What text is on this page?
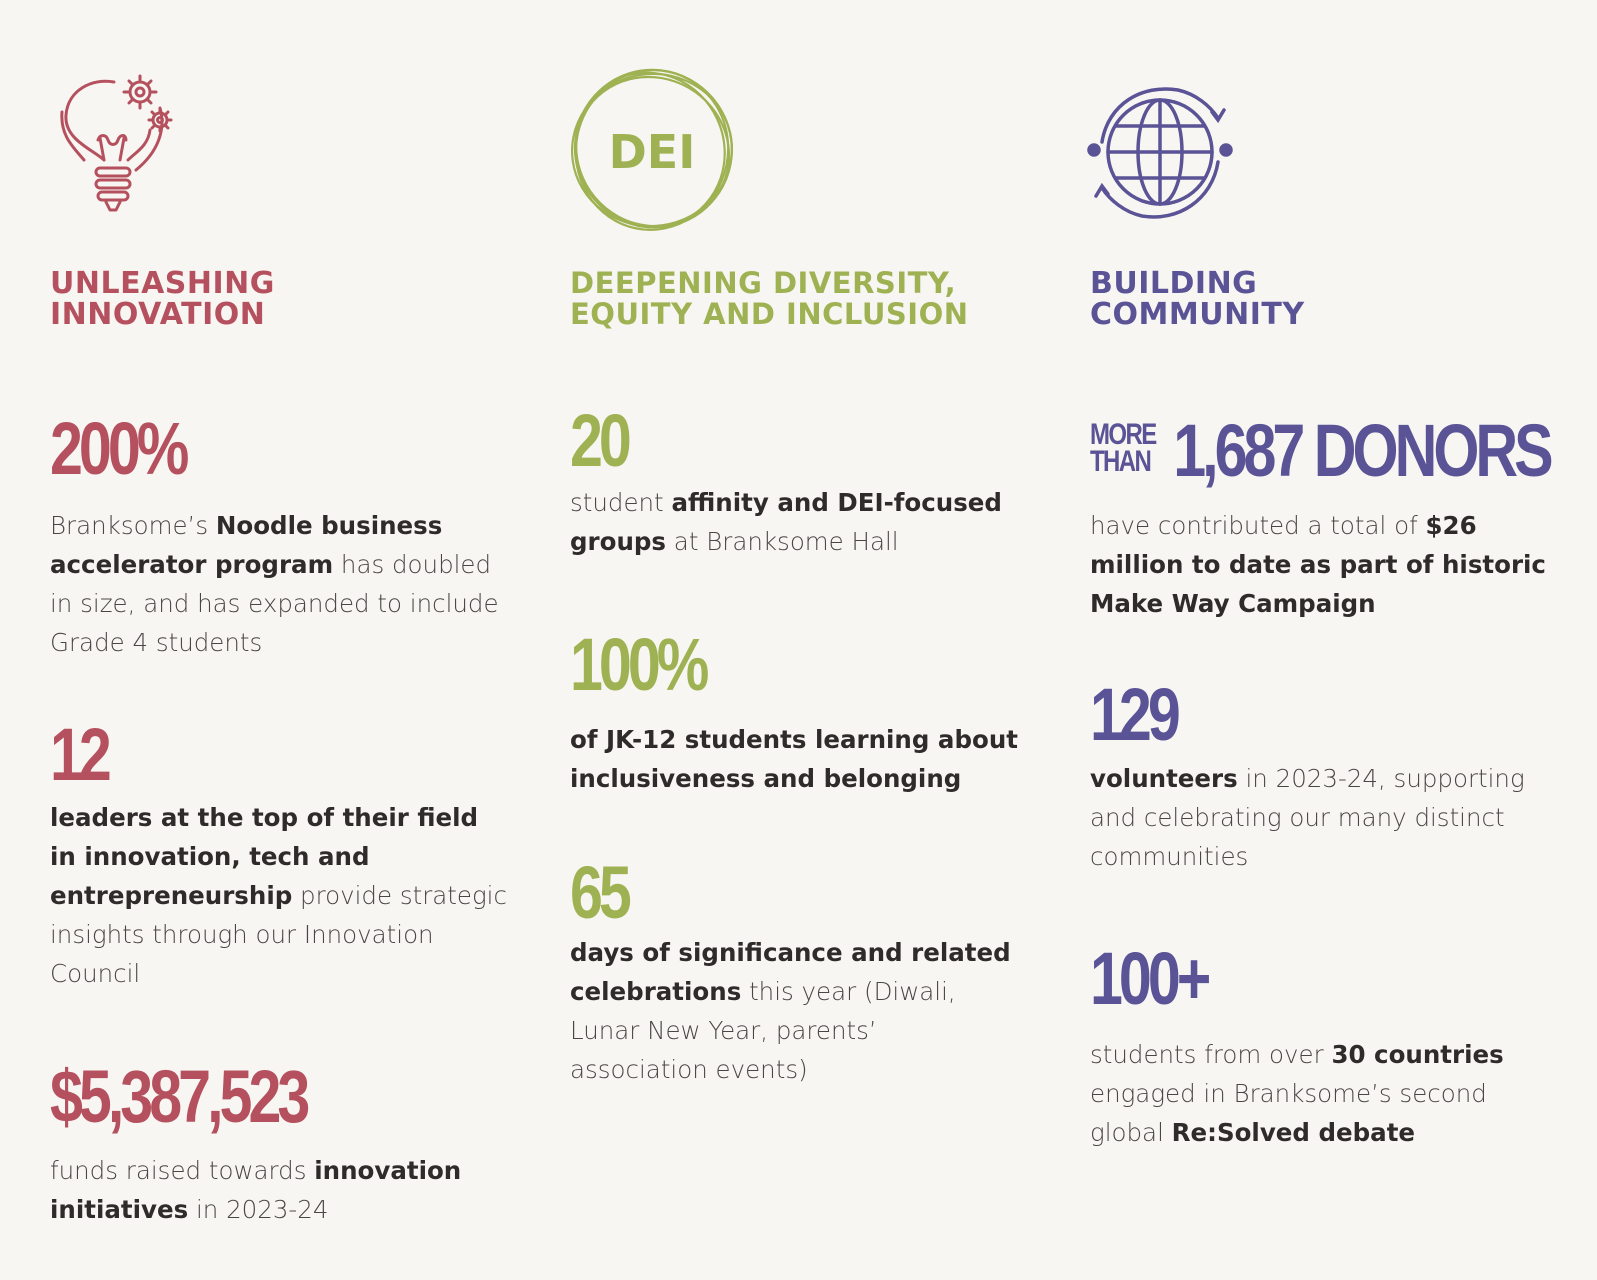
UNLEASHING
INNOVATION
200%

Branksome’s Noodle business accelerator program has doubled in size, and has expanded to include Grade 4 students

12

leaders at the top of their field in innovation, tech and entrepreneurship provide strategic insights through our Innovation Council

$5,387,523

funds raised towards innovation initiatives in 2023-24

DEI
DEEPENING DIVERSITY,
EQUITY AND INCLUSION
20

student affinity and DEI-focused groups at Branksome Hall

100%

of JK-12 students learning about inclusiveness and belonging

65

days of significance and related celebrations this year (Diwali, Lunar New Year, parents’ association events)

BUILDING
COMMUNITY
MORE
THAN 1,687 DONORS

have contributed a total of $26 million to date as part of historic Make Way Campaign

129

volunteers in 2023-24, supporting and celebrating our many distinct communities

100+

students from over 30 countries engaged in Branksome’s second global Re:Solved debate
